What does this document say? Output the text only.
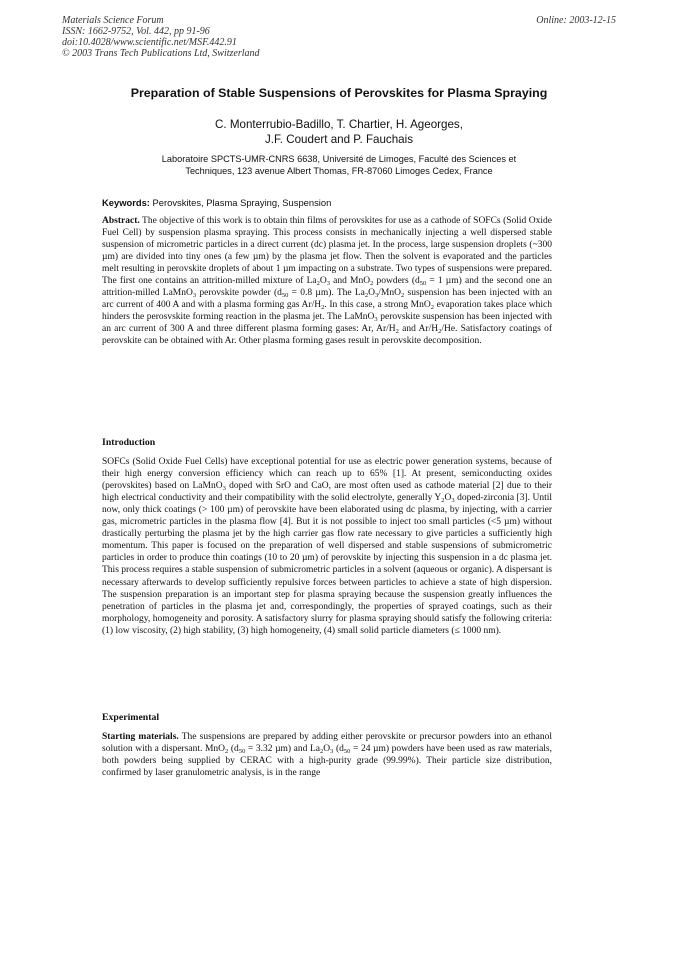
Materials Science Forum
ISSN: 1662-9752, Vol. 442, pp 91-96
doi:10.4028/www.scientific.net/MSF.442.91
© 2003 Trans Tech Publications Ltd, Switzerland
Online: 2003-12-15
Preparation of Stable Suspensions of Perovskites for Plasma Spraying
C. Monterrubio-Badillo, T. Chartier, H. Ageorges,
J.F. Coudert and P. Fauchais
Laboratoire SPCTS-UMR-CNRS 6638, Université de Limoges, Faculté des Sciences et
Techniques, 123 avenue Albert Thomas, FR-87060 Limoges Cedex, France
Keywords: Perovskites, Plasma Spraying, Suspension
Abstract. The objective of this work is to obtain thin films of perovskites for use as a cathode of SOFCs (Solid Oxide Fuel Cell) by suspension plasma spraying. This process consists in mechanically injecting a well dispersed stable suspension of micrometric particles in a direct current (dc) plasma jet. In the process, large suspension droplets (~300 µm) are divided into tiny ones (a few µm) by the plasma jet flow. Then the solvent is evaporated and the particles melt resulting in perovskite droplets of about 1 µm impacting on a substrate. Two types of suspensions were prepared. The first one contains an attrition-milled mixture of $La_2O_3$ and MnO$_2$ powders ($d_{50} = 1$ µm) and the second one an attrition-milled LaMnO$_3$ perovskite powder ($d_{50} = 0.8$ µm). The $La_2O_3/MnO_2$ suspension has been injected with an arc current of 400 A and with a plasma forming gas $Ar/H_2$. In this case, a strong MnO$_2$ evaporation takes place which hinders the perosvskite forming reaction in the plasma jet. The LaMnO$_3$ perovskite suspension has been injected with an arc current of 300 A and three different plasma forming gases: Ar, $Ar/H_2$ and $Ar/H_2/He$. Satisfactory coatings of perovskite can be obtained with Ar. Other plasma forming gases result in perovskite decomposition.
Introduction
SOFCs (Solid Oxide Fuel Cells) have exceptional potential for use as electric power generation systems, because of their high energy conversion efficiency which can reach up to 65% [1]. At present, semiconducting oxides (perovskites) based on LaMnO$_3$ doped with SrO and CaO, are most often used as cathode material [2] due to their high electrical conductivity and their compatibility with the solid electrolyte, generally $Y_2O_3$ doped-zirconia [3]. Until now, only thick coatings (> 100 µm) of perovskite have been elaborated using dc plasma, by injecting, with a carrier gas, micrometric particles in the plasma flow [4]. But it is not possible to inject too small particles (<5 µm) without drastically perturbing the plasma jet by the high carrier gas flow rate necessary to give particles a sufficiently high momentum. This paper is focused on the preparation of well dispersed and stable suspensions of submicrometric particles in order to produce thin coatings (10 to 20 µm) of perovskite by injecting this suspension in a dc plasma jet. This process requires a stable suspension of submicrometric particles in a solvent (aqueous or organic). A dispersant is necessary afterwards to develop sufficiently repulsive forces between particles to achieve a state of high dispersion. The suspension preparation is an important step for plasma spraying because the suspension greatly influences the penetration of particles in the plasma jet and, correspondingly, the properties of sprayed coatings, such as their morphology, homogeneity and porosity. A satisfactory slurry for plasma spraying should satisfy the following criteria: (1) low viscosity, (2) high stability, (3) high homogeneity, (4) small solid particle diameters (≤ 1000 nm).
Experimental
Starting materials. The suspensions are prepared by adding either perovskite or precursor powders into an ethanol solution with a dispersant. MnO$_2$ ($d_{50} = 3.32$ µm) and $La_2O_3$ ($d_{50} = 24$ µm) powders have been used as raw materials, both powders being supplied by CERAC with a high-purity grade (99.99%). Their particle size distribution, confirmed by laser granulometric analysis, is in the range
